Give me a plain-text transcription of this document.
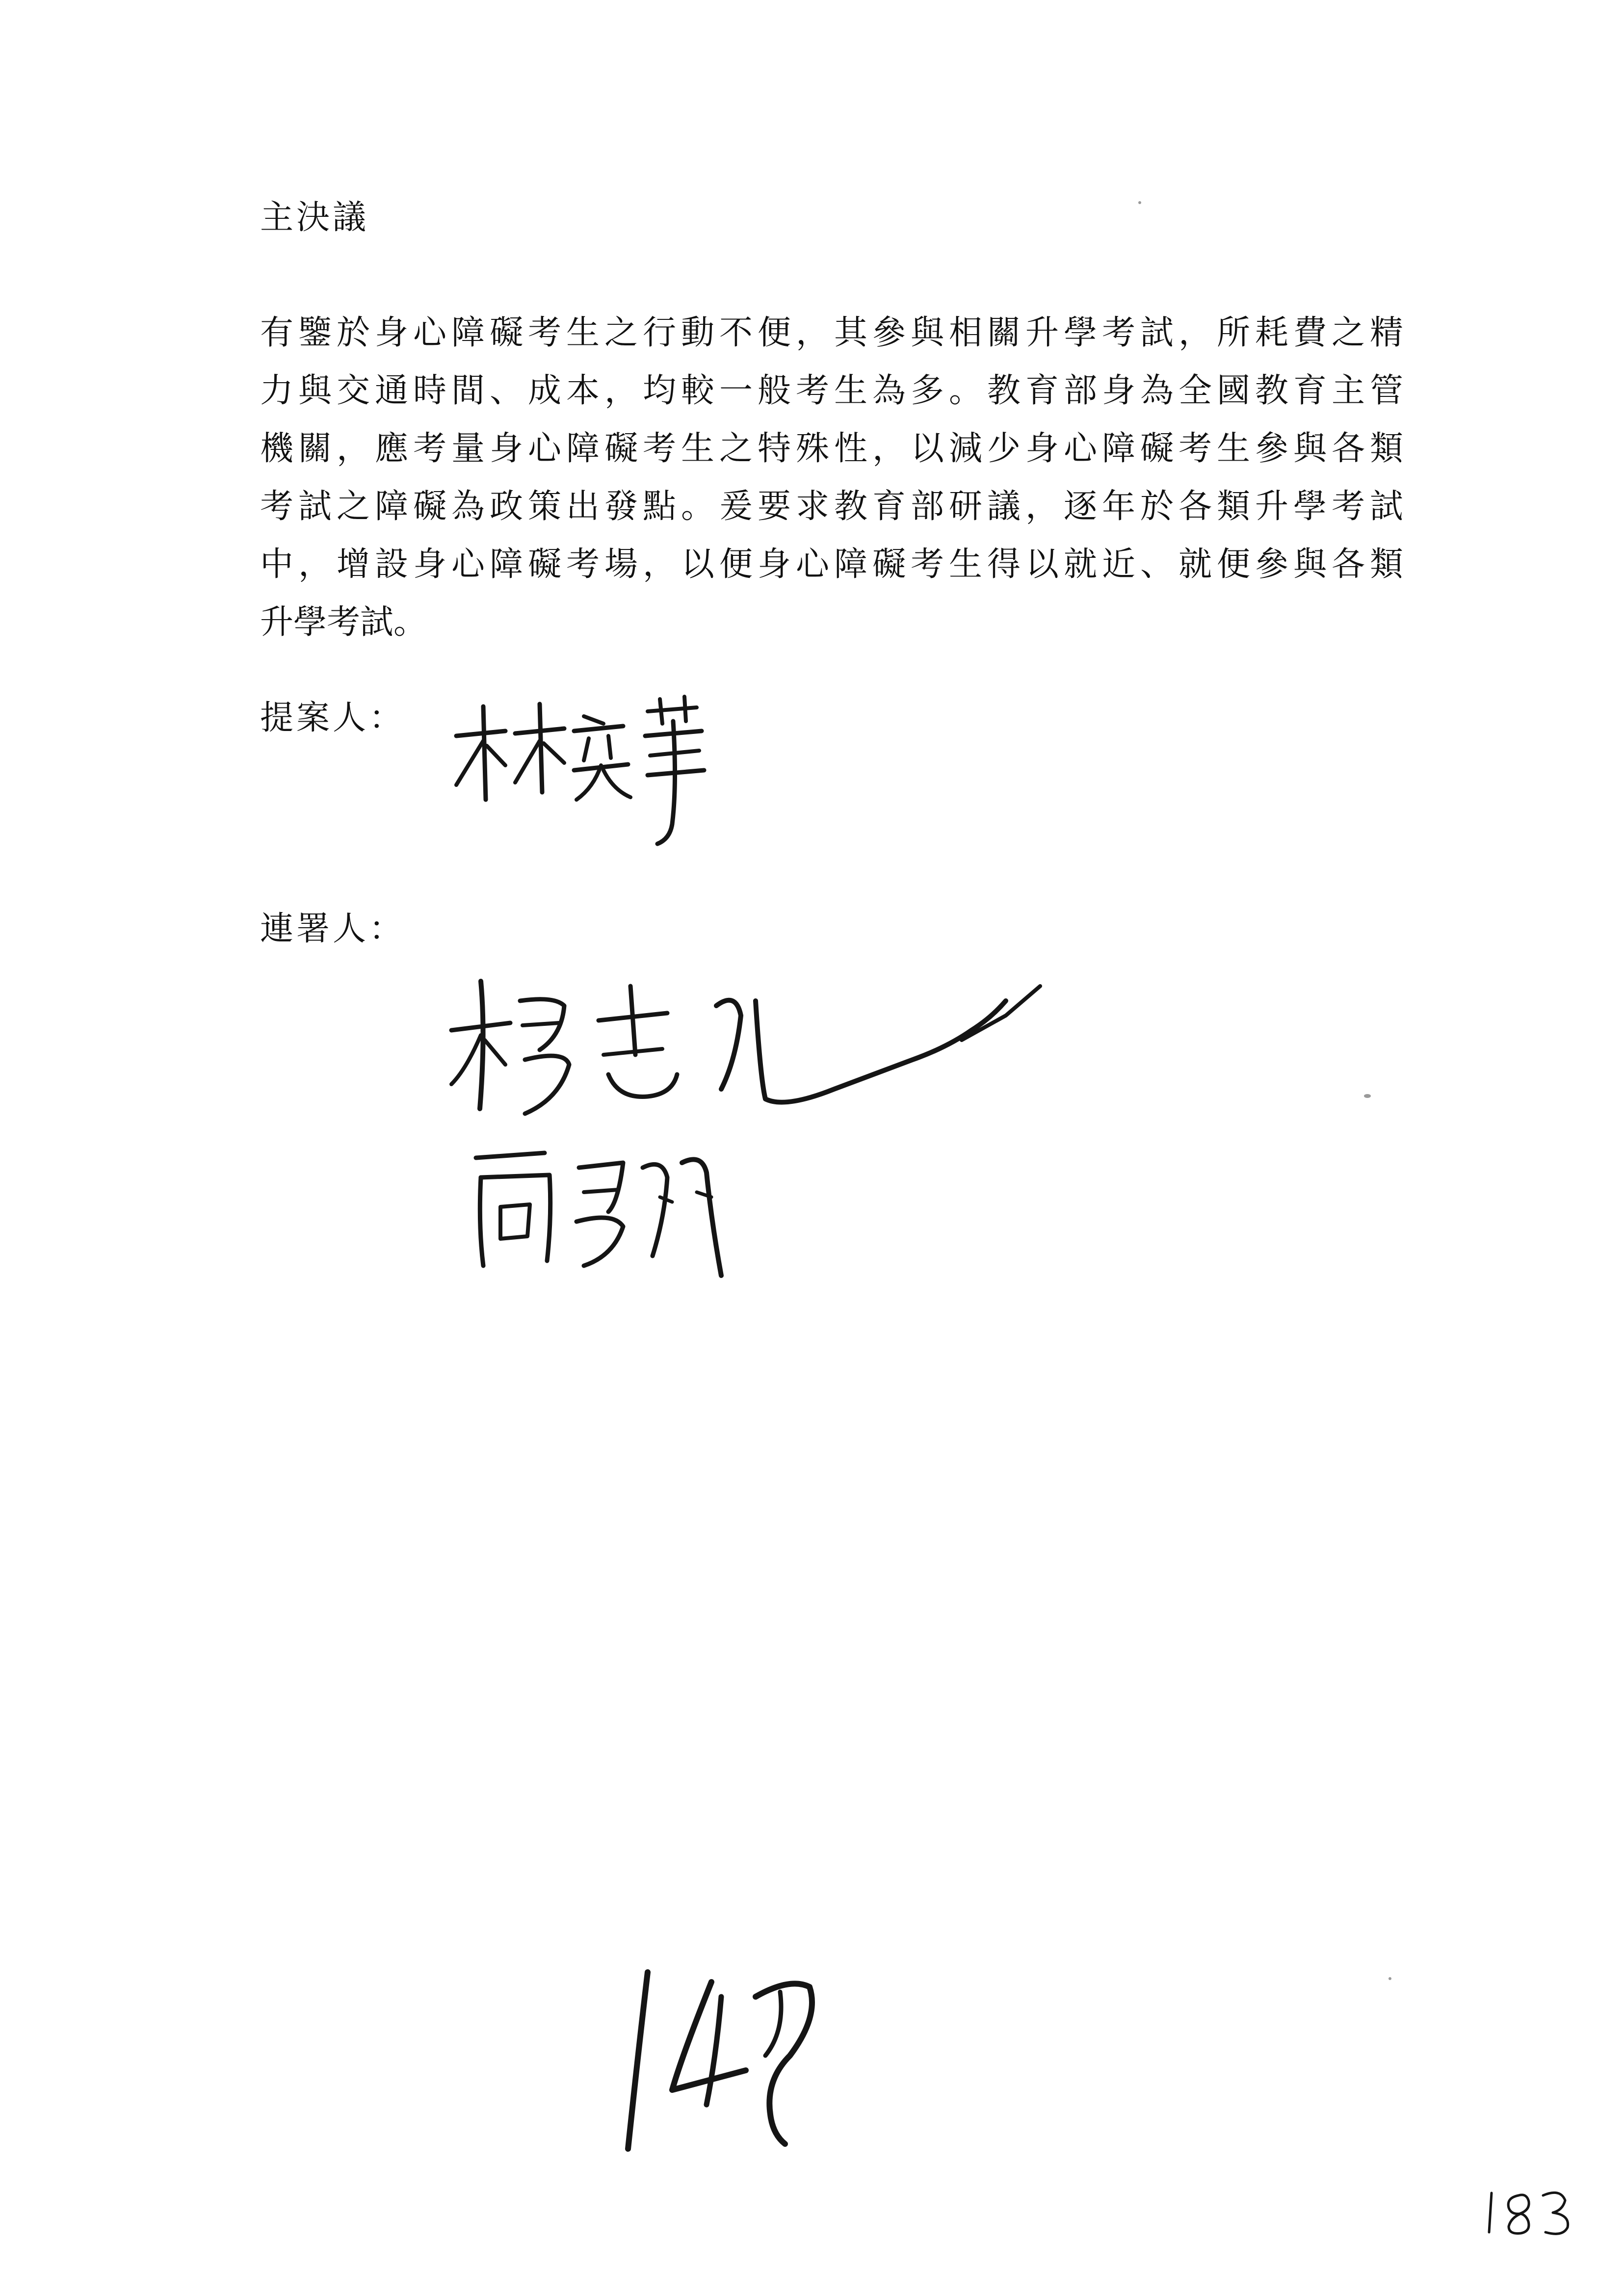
主決議
有鑒於身心障礙考生之行動不便，其參與相關升學考試，所耗費之精
力與交通時間、成本，均較一般考生為多。教育部身為全國教育主管
機關，應考量身心障礙考生之特殊性，以減少身心障礙考生參與各類
考試之障礙為政策出發點。爰要求教育部研議，逐年於各類升學考試
中，增設身心障礙考場，以便身心障礙考生得以就近、就便參與各類
升學考試。
提案人：
連署人：
